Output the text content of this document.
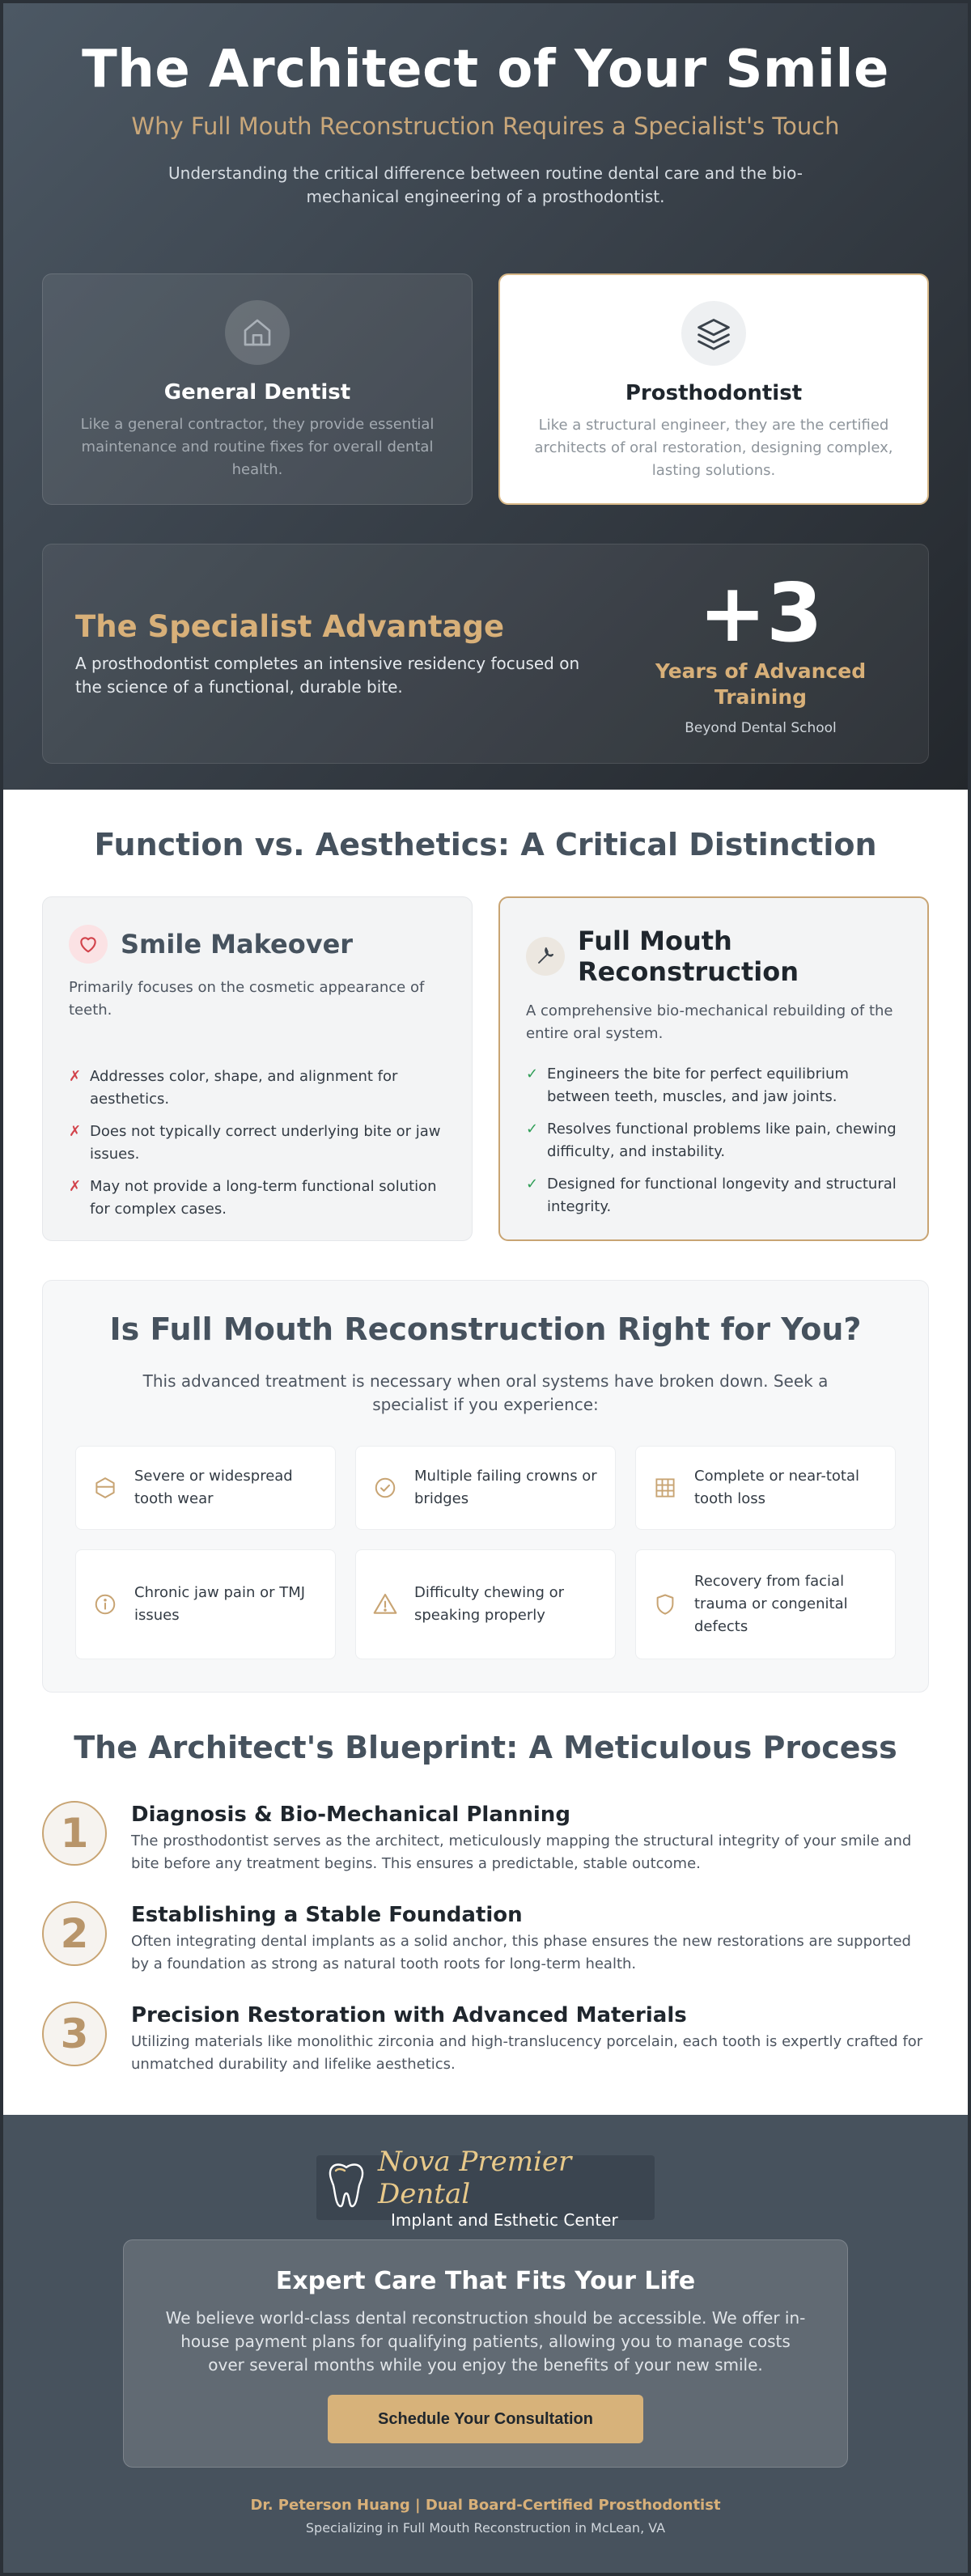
The Architect of Your Smile

Why Full Mouth Reconstruction Requires a Specialist's Touch

Understanding the critical difference between routine dental care and the bio-mechanical engineering of a prosthodontist.

General Dentist

Like a general contractor, they provide essential maintenance and routine fixes for overall dental health.

Prosthodontist

Like a structural engineer, they are the certified architects of oral restoration, designing complex, lasting solutions.

The Specialist Advantage

A prosthodontist completes an intensive residency focused on the science of a functional, durable bite.

+3
Years of Advanced Training
Beyond Dental School
Function vs. Aesthetics: A Critical Distinction
Smile Makeover

Primarily focuses on the cosmetic appearance of teeth.

✗ Addresses color, shape, and alignment for aesthetics.
✗ Does not typically correct underlying bite or jaw issues.
✗ May not provide a long-term functional solution for complex cases.
Full Mouth Reconstruction

A comprehensive bio-mechanical rebuilding of the entire oral system.

✓ Engineers the bite for perfect equilibrium between teeth, muscles, and jaw joints.
✓ Resolves functional problems like pain, chewing difficulty, and instability.
✓ Designed for functional longevity and structural integrity.
Is Full Mouth Reconstruction Right for You?

This advanced treatment is necessary when oral systems have broken down. Seek a specialist if you experience:

Severe or widespread tooth wear
Multiple failing crowns or bridges
Complete or near-total tooth loss
Chronic jaw pain or TMJ issues
Difficulty chewing or speaking properly
Recovery from facial trauma or congenital defects
The Architect's Blueprint: A Meticulous Process
1	Diagnosis & Bio-Mechanical Planning

The prosthodontist serves as the architect, meticulously mapping the structural integrity of your smile and bite before any treatment begins. This ensures a predictable, stable outcome.

2	Establishing a Stable Foundation

Often integrating dental implants as a solid anchor, this phase ensures the new restorations are supported by a foundation as strong as natural tooth roots for long-term health.

3	Precision Restoration with Advanced Materials

Utilizing materials like monolithic zirconia and high-translucency porcelain, each tooth is expertly crafted for unmatched durability and lifelike aesthetics.

Nova Premier Dental
Implant and Esthetic Center
Expert Care That Fits Your Life

We believe world-class dental reconstruction should be accessible. We offer in-house payment plans for qualifying patients, allowing you to manage costs over several months while you enjoy the benefits of your new smile.

Schedule Your Consultation

Dr. Peterson Huang | Dual Board-Certified Prosthodontist

Specializing in Full Mouth Reconstruction in McLean, VA
